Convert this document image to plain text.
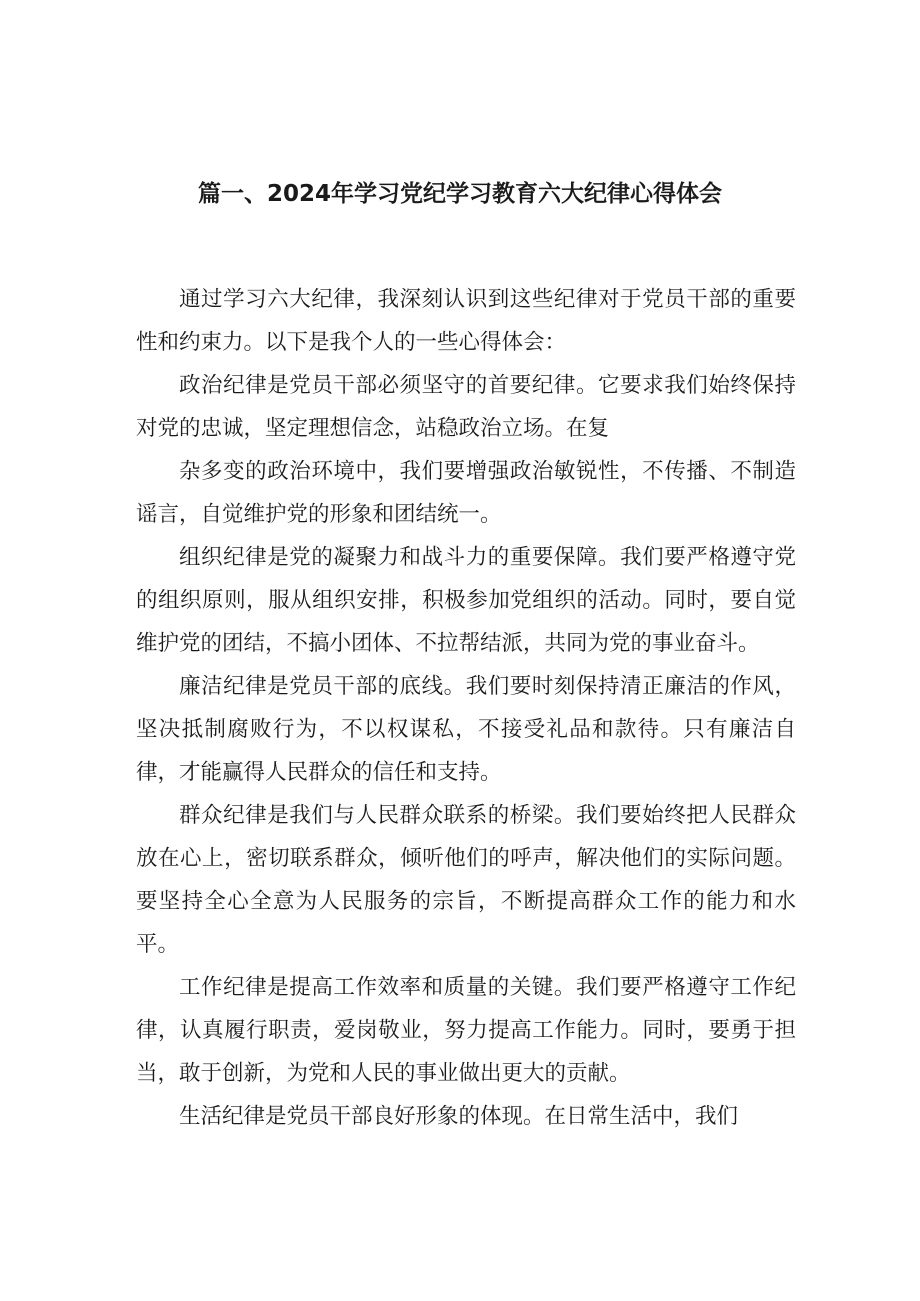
篇一、2024年学习党纪学习教育六大纪律心得体会

通过学习六大纪律，我深刻认识到这些纪律对于党员干部的重要性和约束力。以下是我个人的一些心得体会：

政治纪律是党员干部必须坚守的首要纪律。它要求我们始终保持对党的忠诚，坚定理想信念，站稳政治立场。在复

杂多变的政治环境中，我们要增强政治敏锐性，不传播、不制造谣言，自觉维护党的形象和团结统一。

组织纪律是党的凝聚力和战斗力的重要保障。我们要严格遵守党的组织原则，服从组织安排，积极参加党组织的活动。同时，要自觉维护党的团结，不搞小团体、不拉帮结派，共同为党的事业奋斗。

廉洁纪律是党员干部的底线。我们要时刻保持清正廉洁的作风，坚决抵制腐败行为，不以权谋私，不接受礼品和款待。只有廉洁自律，才能赢得人民群众的信任和支持。

群众纪律是我们与人民群众联系的桥梁。我们要始终把人民群众放在心上，密切联系群众，倾听他们的呼声，解决他们的实际问题。要坚持全心全意为人民服务的宗旨，不断提高群众工作的能力和水平。

工作纪律是提高工作效率和质量的关键。我们要严格遵守工作纪律，认真履行职责，爱岗敬业，努力提高工作能力。同时，要勇于担当，敢于创新，为党和人民的事业做出更大的贡献。

生活纪律是党员干部良好形象的体现。在日常生活中，我们
